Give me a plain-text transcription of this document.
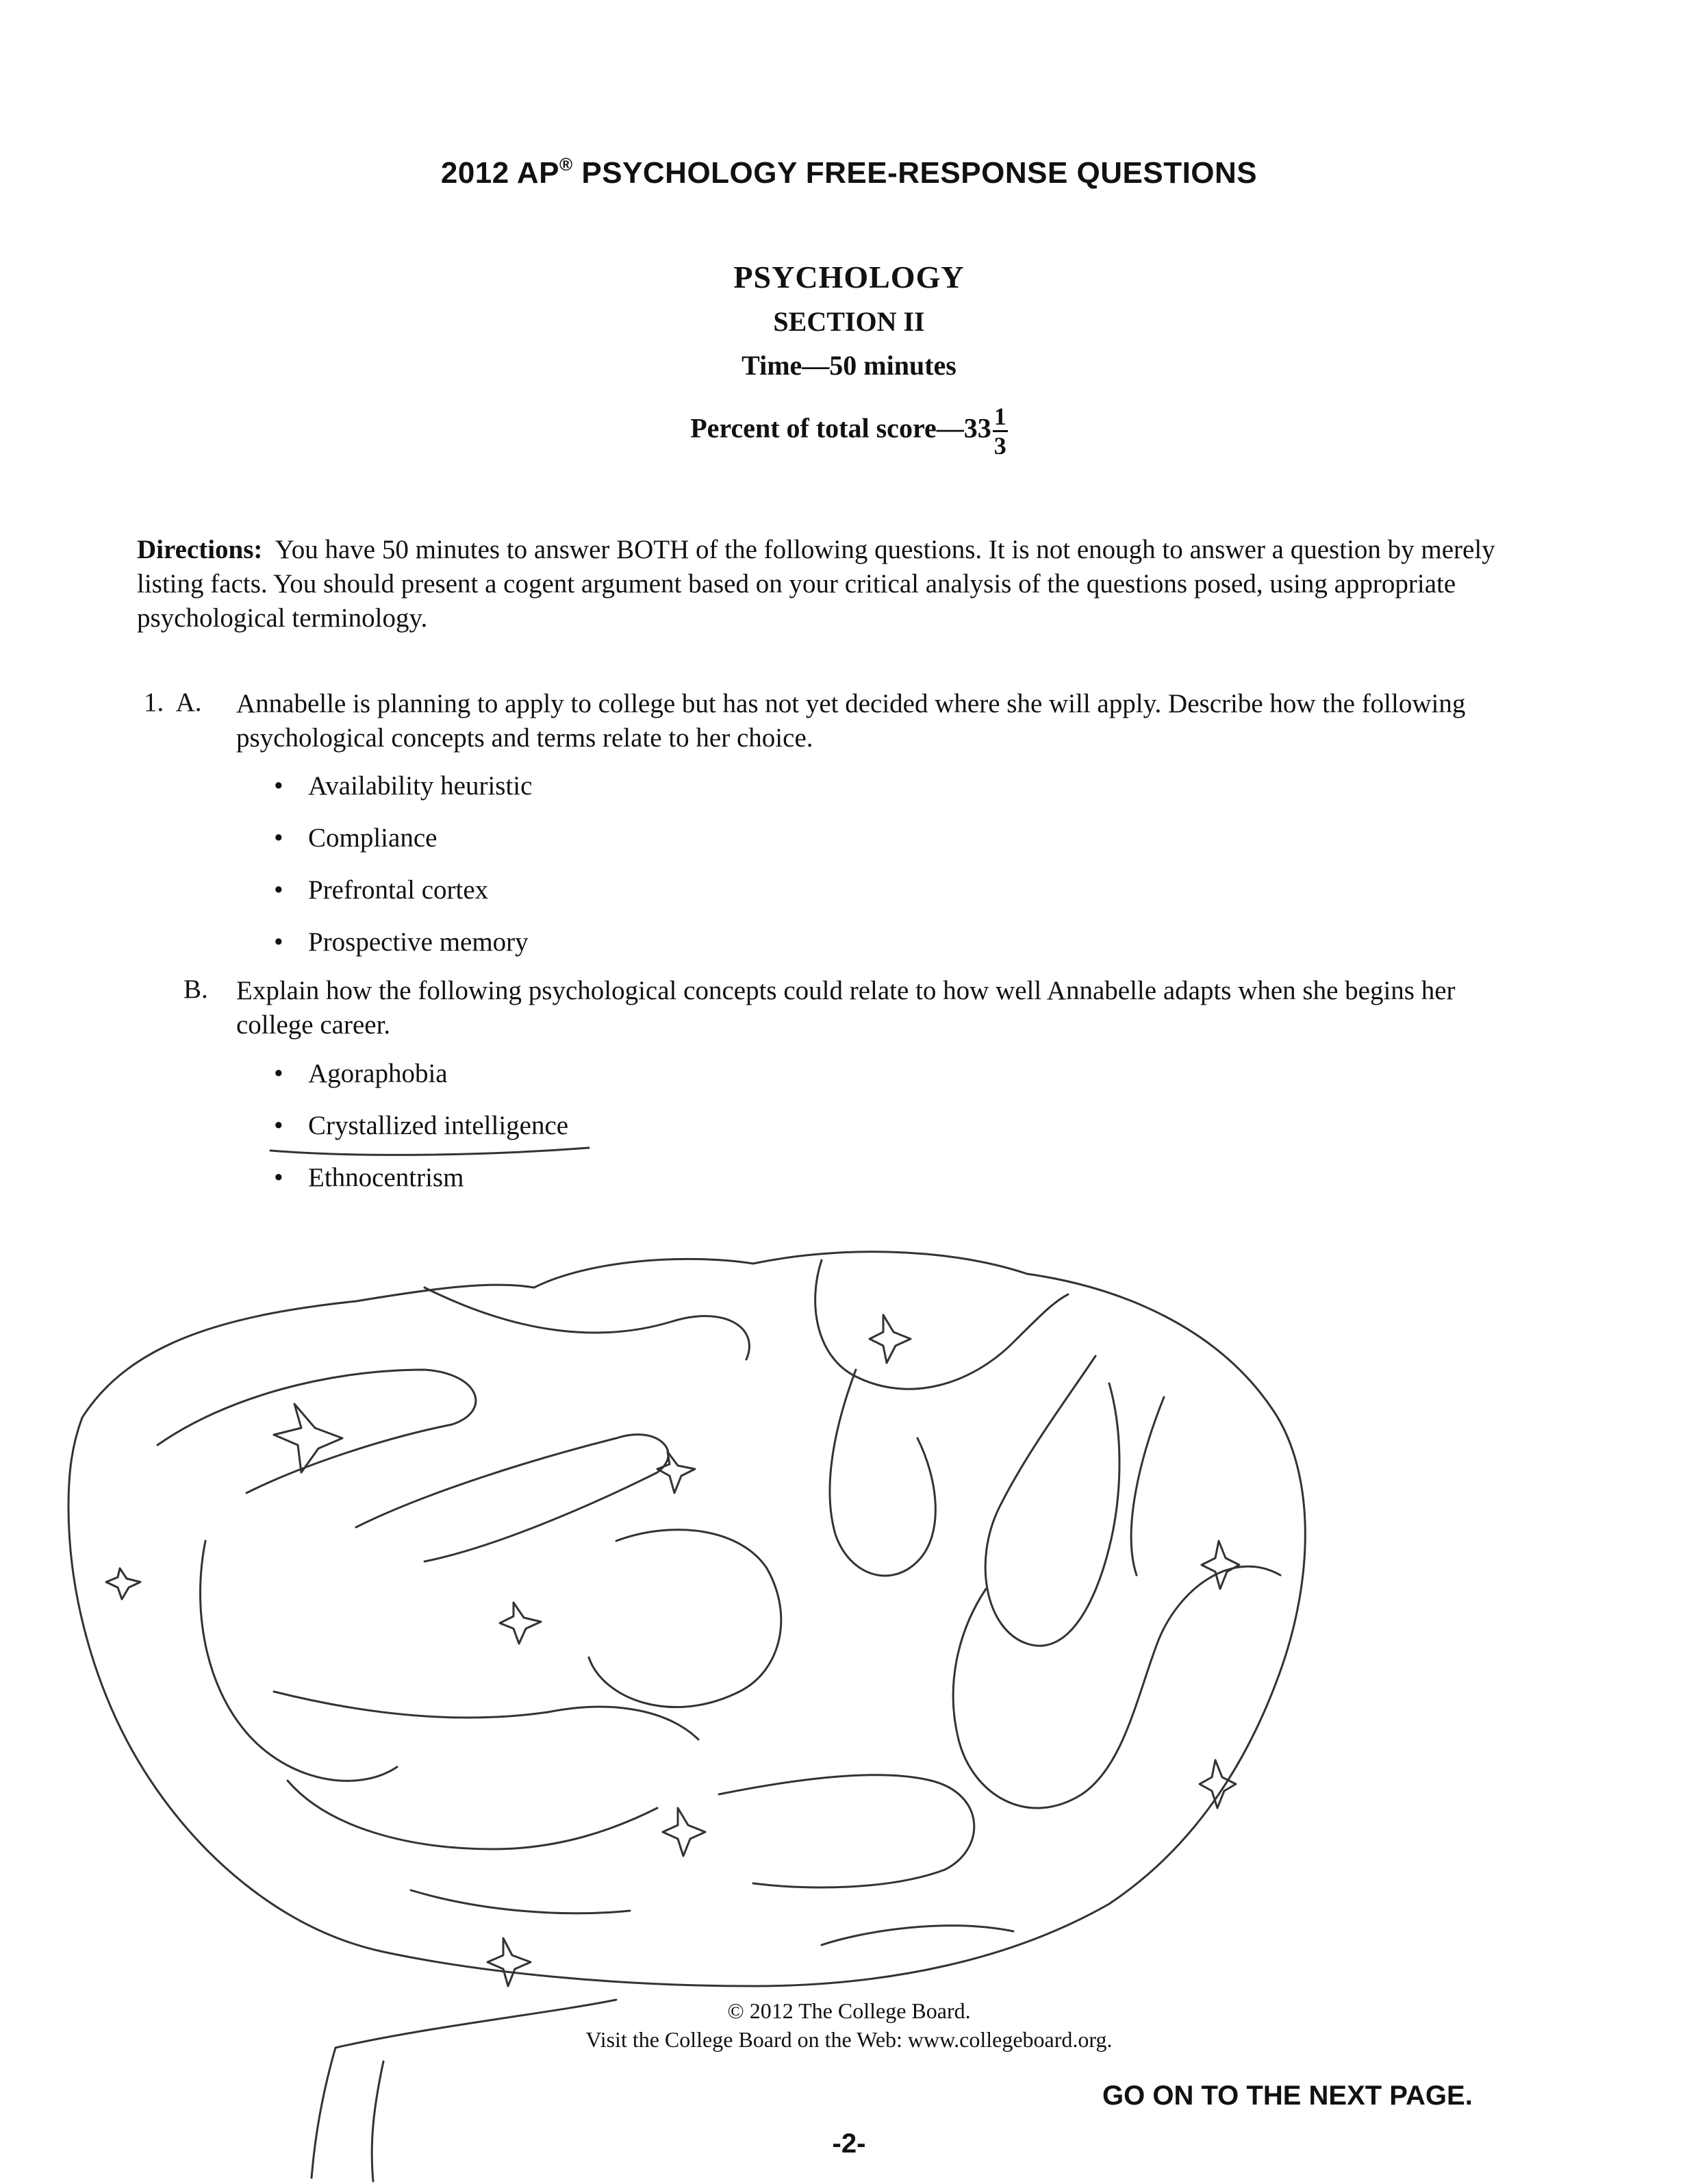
2012 AP® PSYCHOLOGY FREE-RESPONSE QUESTIONS
PSYCHOLOGY
SECTION II
Time—50 minutes
Percent of total score—33 $\frac{1}{3}$
Directions: You have 50 minutes to answer BOTH of the following questions. It is not enough to answer a question by merely listing facts. You should present a cogent argument based on your critical analysis of the questions posed, using appropriate psychological terminology.
1. A. Annabelle is planning to apply to college but has not yet decided where she will apply. Describe how the following psychological concepts and terms relate to her choice.
• Availability heuristic
• Compliance
• Prefrontal cortex
• Prospective memory
B. Explain how the following psychological concepts could relate to how well Annabelle adapts when she begins her college career.
• Agoraphobia
• Crystallized intelligence
• Ethnocentrism
© 2012 The College Board.
Visit the College Board on the Web: www.collegeboard.org.
GO ON TO THE NEXT PAGE.
-2-
